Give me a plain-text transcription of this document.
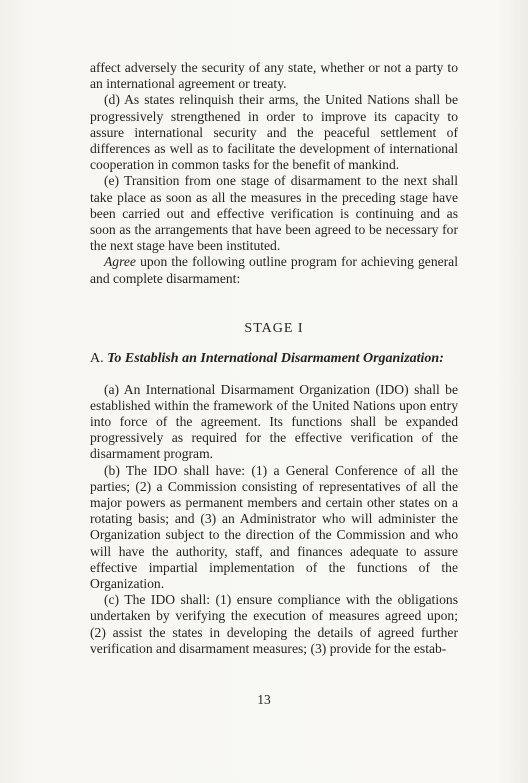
affect adversely the security of any state, whether or not a party to an international agreement or treaty.

(d) As states relinquish their arms, the United Nations shall be progressively strengthened in order to improve its capacity to assure international security and the peaceful settlement of differences as well as to facilitate the development of international cooperation in common tasks for the benefit of mankind.

(e) Transition from one stage of disarmament to the next shall take place as soon as all the measures in the preceding stage have been carried out and effective verification is continuing and as soon as the arrangements that have been agreed to be necessary for the next stage have been instituted.

Agree upon the following outline program for achieving general and complete disarmament:

STAGE I
A. To Establish an International Disarmament Organization:

(a) An International Disarmament Organization (IDO) shall be established within the framework of the United Nations upon entry into force of the agreement. Its functions shall be expanded progressively as required for the effective verification of the disarmament program.

(b) The IDO shall have: (1) a General Conference of all the parties; (2) a Commission consisting of representatives of all the major powers as permanent members and certain other states on a rotating basis; and (3) an Administrator who will administer the Organization subject to the direction of the Commission and who will have the authority, staff, and finances adequate to assure effective impartial implementation of the functions of the Organization.

(c) The IDO shall: (1) ensure compliance with the obligations undertaken by verifying the execution of measures agreed upon; (2) assist the states in developing the details of agreed further verification and disarmament measures; (3) provide for the estab-

13
